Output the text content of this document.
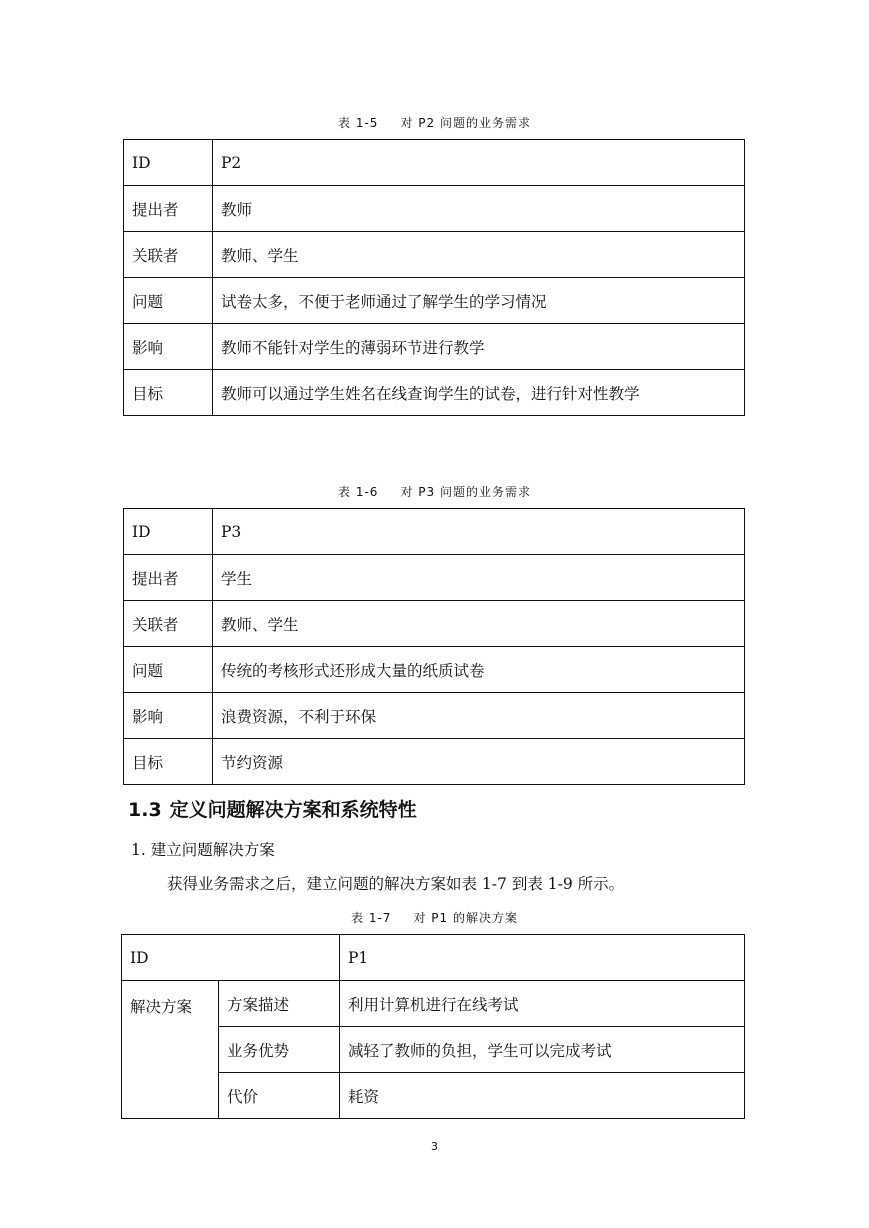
表 1-5 对 P2 问题的业务需求
ID	P2
提出者	教师
关联者	教师、学生
问题	试卷太多，不便于老师通过了解学生的学习情况
影响	教师不能针对学生的薄弱环节进行教学
目标	教师可以通过学生姓名在线查询学生的试卷，进行针对性教学
表 1-6 对 P3 问题的业务需求
ID	P3
提出者	学生
关联者	教师、学生
问题	传统的考核形式还形成大量的纸质试卷
影响	浪费资源，不利于环保
目标	节约资源
1.3 定义问题解决方案和系统特性
1. 建立问题解决方案
获得业务需求之后，建立问题的解决方案如表 1-7 到表 1-9 所示。
表 1-7 对 P1 的解决方案
ID		P1
解决方案	方案描述	利用计算机进行在线考试
	业务优势	减轻了教师的负担，学生可以完成考试
	代价	耗资
3
